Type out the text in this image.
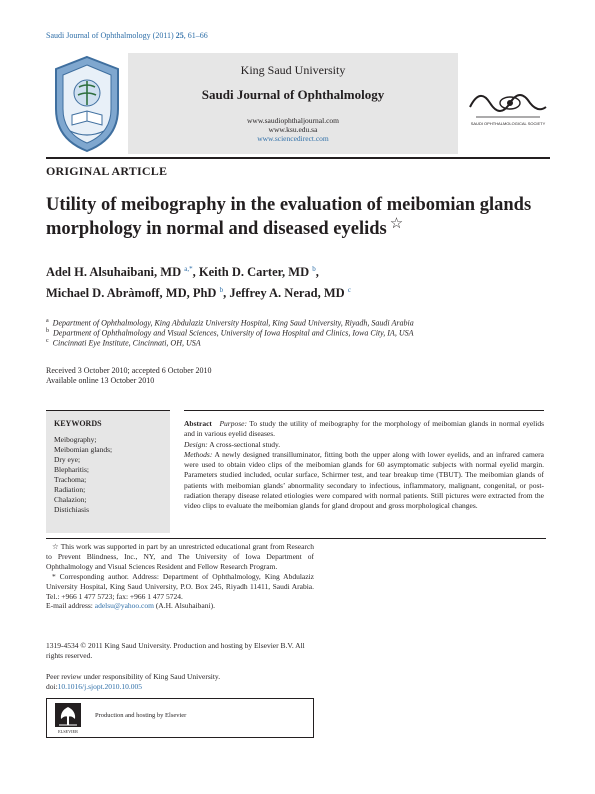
Saudi Journal of Ophthalmology (2011) 25, 61–66
King Saud University
Saudi Journal of Ophthalmology
www.saudiophthaljournal.com
www.ksu.edu.sa
www.sciencedirect.com
SAUDI OPHTHALMOLOGICAL SOCIETY
ORIGINAL ARTICLE
Utility of meibography in the evaluation of meibomian glands morphology in normal and diseased eyelids ☆
Adel H. Alsuhaibani, MD $^{a,*}$, Keith D. Carter, MD $^b$,
Michael D. Abràmoff, MD, PhD $^b$, Jeffrey A. Nerad, MD $^c$
$^a$ Department of Ophthalmology, King Abdulaziz University Hospital, King Saud University, Riyadh, Saudi Arabia
$^b$ Department of Ophthalmology and Visual Sciences, University of Iowa Hospital and Clinics, Iowa City, IA, USA
$^c$ Cincinnati Eye Institute, Cincinnati, OH, USA
Received 3 October 2010; accepted 6 October 2010
Available online 13 October 2010
KEYWORDS
Meibography;
Meibomian glands;
Dry eye;
Blepharitis;
Trachoma;
Radiation;
Chalazion;
Distichiasis
Abstract Purpose: To study the utility of meibography for the morphology of meibomian glands in normal eyelids and in various eyelid diseases.
Design: A cross-sectional study.
Methods: A newly designed transilluminator, fitting both the upper along with lower eyelids, and an infrared camera were used to obtain video clips of the meibomian glands for 60 asymptomatic subjects with normal eyelid margin. Parameters studied included, ocular surface, Schirmer test, and tear breakup time (TBUT). The meibomian glands of patients with meibomian glands’ abnormality secondary to infectious, inflammatory, malignant, congenital, or post-radiation therapy disease related etiologies were compared with normal patients. Still pictures were extracted from the video clips to evaluate the meibomian glands for gland dropout and gross morphological changes.

☆ This work was supported in part by an unrestricted educational grant from Research to Prevent Blindness, Inc., NY, and The University of Iowa Department of Ophthalmology and Visual Sciences Resident and Fellow Research Program.

* Corresponding author. Address: Department of Ophthalmology, King Abdulaziz University Hospital, King Saud University, P.O. Box 245, Riyadh 11411, Saudi Arabia. Tel.: +966 1 477 5723; fax: +966 1 477 5724.

E-mail address: adelsu@yahoo.com (A.H. Alsuhaibani).

1319-4534 © 2011 King Saud University. Production and hosting by Elsevier B.V. All rights reserved.
Peer review under responsibility of King Saud University.
doi:10.1016/j.sjopt.2010.10.005
ELSEVIER
Production and hosting by Elsevier
